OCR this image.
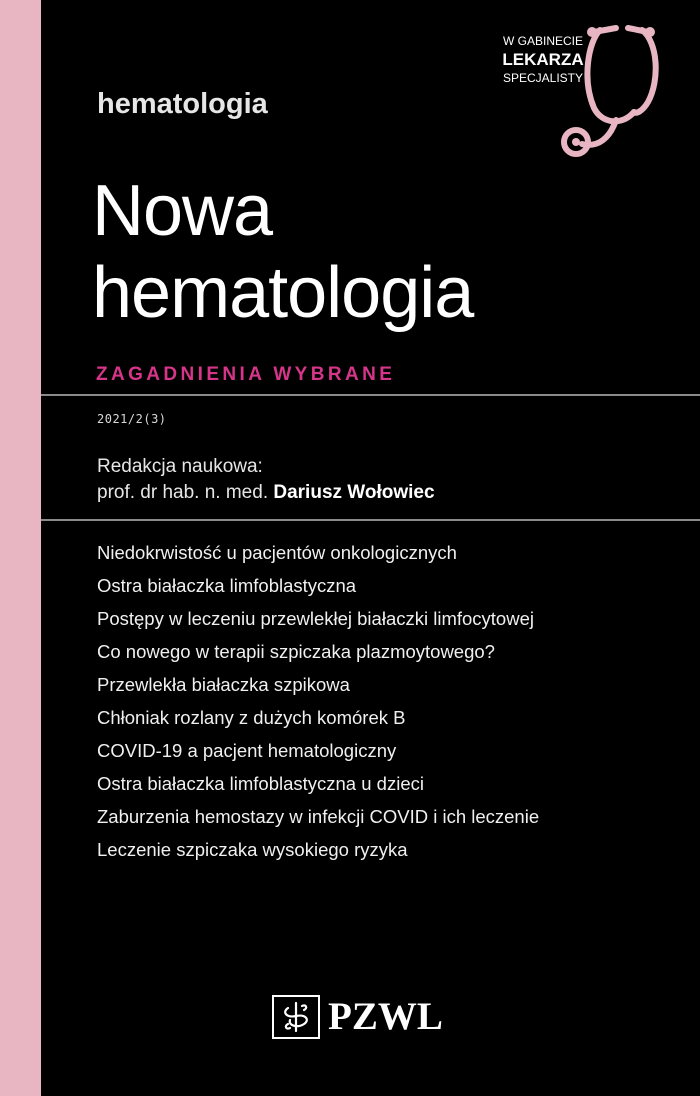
W GABINECIE
LEKARZA
SPECJALISTY
hematologia
Nowa
hematologia
ZAGADNIENIA WYBRANE
2021/2(3)
Redakcja naukowa:
prof. dr hab. n. med. Dariusz Wołowiec
Niedokrwistość u pacjentów onkologicznych
Ostra białaczka limfoblastyczna
Postępy w leczeniu przewlekłej białaczki limfocytowej
Co nowego w terapii szpiczaka plazmoytowego?
Przewlekła białaczka szpikowa
Chłoniak rozlany z dużych komórek B
COVID-19 a pacjent hematologiczny
Ostra białaczka limfoblastyczna u dzieci
Zaburzenia hemostazy w infekcji COVID i ich leczenie
Leczenie szpiczaka wysokiego ryzyka
PZWL
